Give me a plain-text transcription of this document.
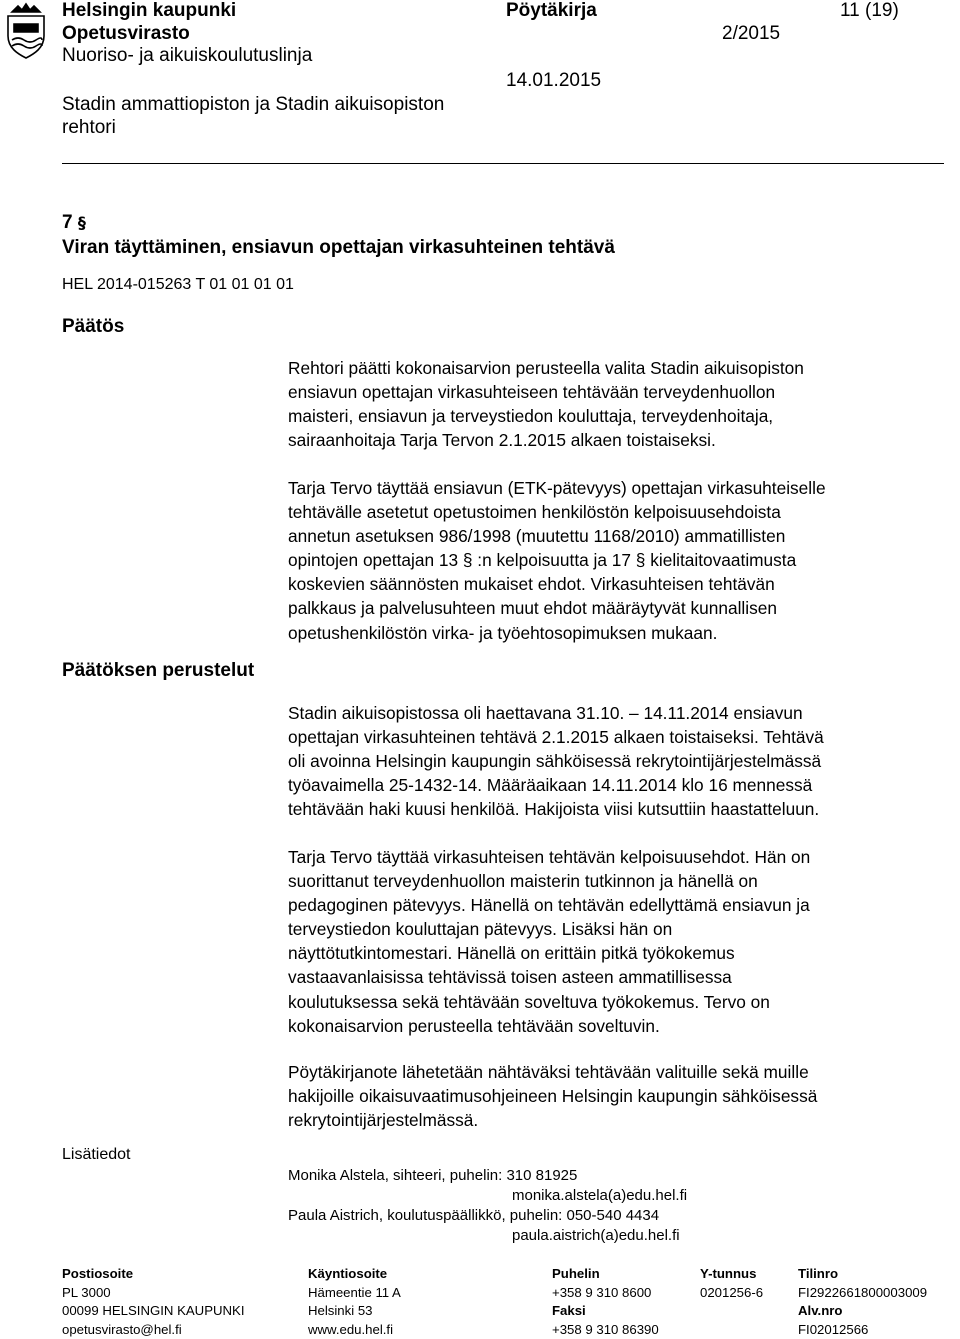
Helsingin kaupunki
Opetusvirasto
Nuoriso- ja aikuiskoulutuslinja
Stadin ammattiopiston ja Stadin aikuisopiston
rehtori
Pöytäkirja
2/2015
14.01.2015
11 (19)
7 §
Viran täyttäminen, ensiavun opettajan virkasuhteinen tehtävä
HEL 2014-015263 T 01 01 01 01
Päätös

Rehtori päätti kokonaisarvion perusteella valita Stadin aikuisopiston

ensiavun opettajan virkasuhteiseen tehtävään terveydenhuollon

maisteri, ensiavun ja terveystiedon kouluttaja, terveydenhoitaja,

sairaanhoitaja Tarja Tervon 2.1.2015 alkaen toistaiseksi.

Päätöksen perustelut

Tarja Tervo täyttää ensiavun (ETK-pätevyys) opettajan virkasuhteiselle

tehtävälle asetetut opetustoimen henkilöstön kelpoisuusehdoista

annetun asetuksen 986/1998 (muutettu 1168/2010) ammatillisten

opintojen opettajan 13 § :n kelpoisuutta ja 17 § kielitaitovaatimusta

koskevien säännösten mukaiset ehdot. Virkasuhteisen tehtävän

palkkaus ja palvelusuhteen muut ehdot määräytyvät kunnallisen

opetushenkilöstön virka- ja työehtosopimuksen mukaan.

Stadin aikuisopistossa oli haettavana 31.10. – 14.11.2014 ensiavun

opettajan virkasuhteinen tehtävä 2.1.2015 alkaen toistaiseksi. Tehtävä

oli avoinna Helsingin kaupungin sähköisessä rekrytointijärjestelmässä

työavaimella 25-1432-14. Määräaikaan 14.11.2014 klo 16 mennessä

tehtävään haki kuusi henkilöä. Hakijoista viisi kutsuttiin haastatteluun.

Tarja Tervo täyttää virkasuhteisen tehtävän kelpoisuusehdot. Hän on

suorittanut terveydenhuollon maisterin tutkinnon ja hänellä on

pedagoginen pätevyys. Hänellä on tehtävän edellyttämä ensiavun ja

terveystiedon kouluttajan pätevyys. Lisäksi hän on

näyttötutkintomestari. Hänellä on erittäin pitkä työkokemus

vastaavanlaisissa tehtävissä toisen asteen ammatillisessa

koulutuksessa sekä tehtävään soveltuva työkokemus. Tervo on

kokonaisarvion perusteella tehtävään soveltuvin.

Pöytäkirjanote lähetetään nähtäväksi tehtävään valituille sekä muille

hakijoille oikaisuvaatimusohjeineen Helsingin kaupungin sähköisessä

rekrytointijärjestelmässä.

Lisätiedot
Monika Alstela, sihteeri, puhelin: 310 81925
monika.alstela(a)edu.hel.fi
Paula Aistrich, koulutuspäällikkö, puhelin: 050-540 4434
paula.aistrich(a)edu.hel.fi
Postiosoite
PL 3000
00099 HELSINGIN KAUPUNKI
opetusvirasto@hel.fi
Käyntiosoite
Hämeentie 11 A
Helsinki 53
www.edu.hel.fi
Puhelin
+358 9 310 8600
Faksi
+358 9 310 86390
Y-tunnus
0201256-6
Tilinro
FI2922661800003009
Alv.nro
FI02012566
